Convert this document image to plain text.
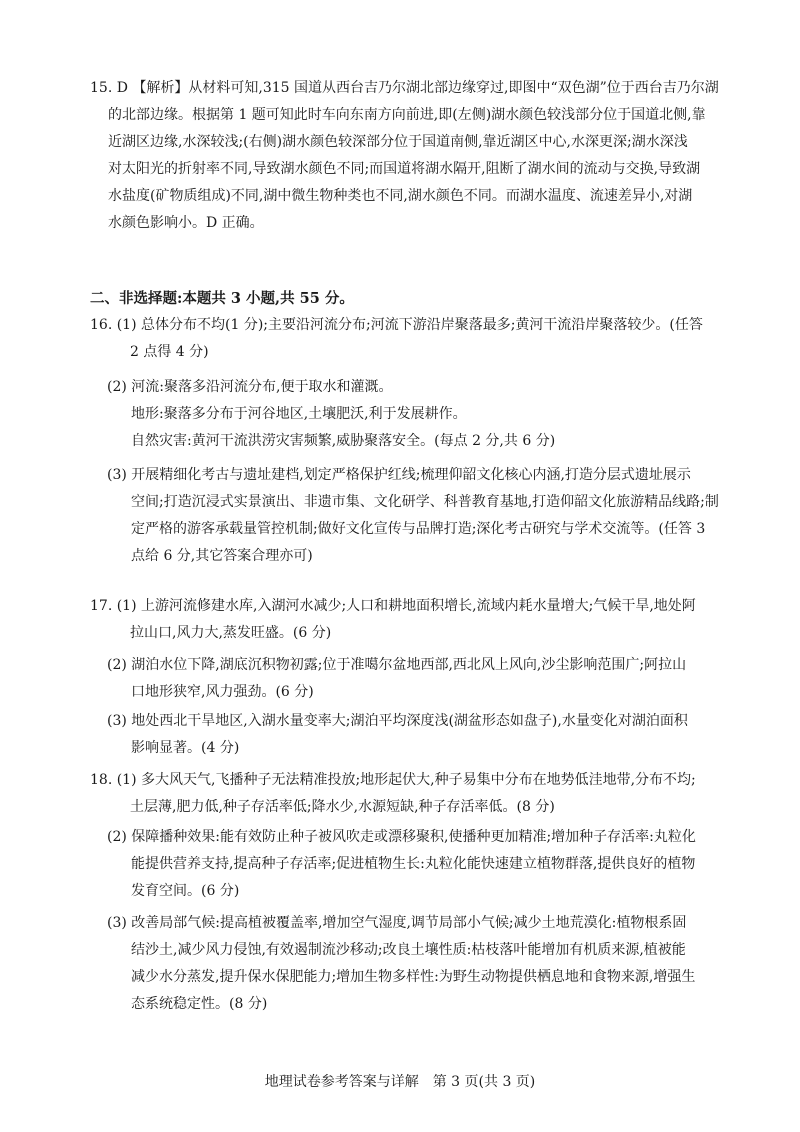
15. D 【解析】从材料可知,315 国道从西台吉乃尔湖北部边缘穿过,即图中“双色湖”位于西台吉乃尔湖
的北部边缘。根据第 1 题可知此时车向东南方向前进,即(左侧)湖水颜色较浅部分位于国道北侧,靠
近湖区边缘,水深较浅;(右侧)湖水颜色较深部分位于国道南侧,靠近湖区中心,水深更深;湖水深浅
对太阳光的折射率不同,导致湖水颜色不同;而国道将湖水隔开,阻断了湖水间的流动与交换,导致湖
水盐度(矿物质组成)不同,湖中微生物种类也不同,湖水颜色不同。而湖水温度、流速差异小,对湖
水颜色影响小。D 正确。
二、非选择题:本题共 3 小题,共 55 分。
16. (1) 总体分布不均(1 分);主要沿河流分布;河流下游沿岸聚落最多;黄河干流沿岸聚落较少。(任答
2 点得 4 分)
(2) 河流:聚落多沿河流分布,便于取水和灌溉。
地形:聚落多分布于河谷地区,土壤肥沃,利于发展耕作。
自然灾害:黄河干流洪涝灾害频繁,威胁聚落安全。(每点 2 分,共 6 分)
(3) 开展精细化考古与遗址建档,划定严格保护红线;梳理仰韶文化核心内涵,打造分层式遗址展示
空间;打造沉浸式实景演出、非遗市集、文化研学、科普教育基地,打造仰韶文化旅游精品线路;制
定严格的游客承载量管控机制;做好文化宣传与品牌打造;深化考古研究与学术交流等。(任答 3
点给 6 分,其它答案合理亦可)
17. (1) 上游河流修建水库,入湖河水减少;人口和耕地面积增长,流域内耗水量增大;气候干旱,地处阿
拉山口,风力大,蒸发旺盛。(6 分)
(2) 湖泊水位下降,湖底沉积物初露;位于准噶尔盆地西部,西北风上风向,沙尘影响范围广;阿拉山
口地形狭窄,风力强劲。(6 分)
(3) 地处西北干旱地区,入湖水量变率大;湖泊平均深度浅(湖盆形态如盘子),水量变化对湖泊面积
影响显著。(4 分)
18. (1) 多大风天气,飞播种子无法精准投放;地形起伏大,种子易集中分布在地势低洼地带,分布不均;
土层薄,肥力低,种子存活率低;降水少,水源短缺,种子存活率低。(8 分)
(2) 保障播种效果:能有效防止种子被风吹走或漂移聚积,使播种更加精准;增加种子存活率:丸粒化
能提供营养支持,提高种子存活率;促进植物生长:丸粒化能快速建立植物群落,提供良好的植物
发育空间。(6 分)
(3) 改善局部气候:提高植被覆盖率,增加空气湿度,调节局部小气候;减少土地荒漠化:植物根系固
结沙土,减少风力侵蚀,有效遏制流沙移动;改良土壤性质:枯枝落叶能增加有机质来源,植被能
减少水分蒸发,提升保水保肥能力;增加生物多样性:为野生动物提供栖息地和食物来源,增强生
态系统稳定性。(8 分)
地理试卷参考答案与详解　第 3 页(共 3 页)
